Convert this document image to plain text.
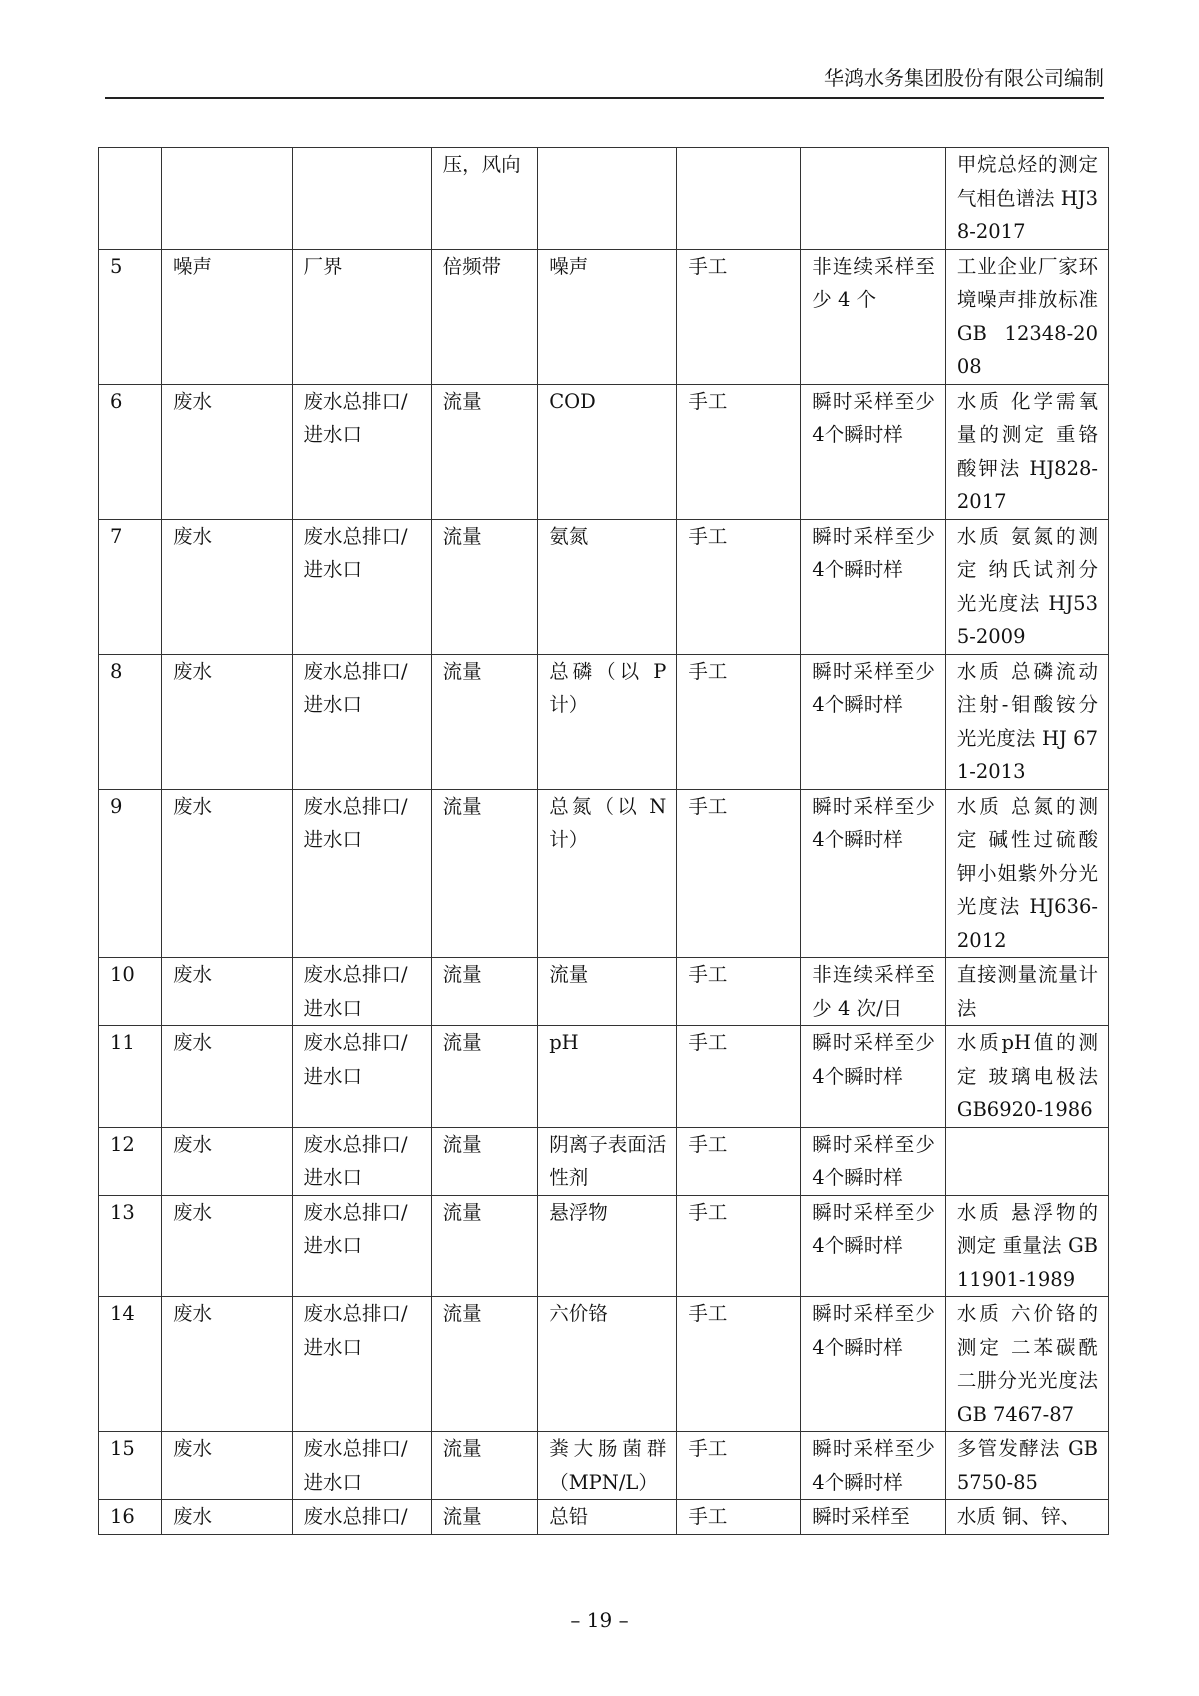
华鸿水务集团股份有限公司编制
			压，风向				甲烷总烃的测定 气相色谱法 HJ38-2017
5	噪声	厂界	倍频带	噪声	手工	非连续采样至少 4 个	工业企业厂家环境噪声排放标准 GB 12348-2008
6	废水	废水总排口/进水口	流量	COD	手工	瞬时采样至少4个瞬时样	水质 化学需氧量的测定 重铬酸钾法 HJ828-2017
7	废水	废水总排口/进水口	流量	氨氮	手工	瞬时采样至少4个瞬时样	水质 氨氮的测定 纳氏试剂分光光度法 HJ535-2009
8	废水	废水总排口/进水口	流量	总磷（以 P 计）	手工	瞬时采样至少4个瞬时样	水质 总磷流动注射-钼酸铵分光光度法 HJ 671-2013
9	废水	废水总排口/进水口	流量	总氮（以 N 计）	手工	瞬时采样至少4个瞬时样	水质 总氮的测定 碱性过硫酸钾小姐紫外分光光度法 HJ636-2012
10	废水	废水总排口/进水口	流量	流量	手工	非连续采样至少 4 次/日	直接测量流量计法
11	废水	废水总排口/进水口	流量	pH	手工	瞬时采样至少4个瞬时样	水质pH值的测定 玻璃电极法 GB6920-1986
12	废水	废水总排口/进水口	流量	阴离子表面活性剂	手工	瞬时采样至少4个瞬时样	
13	废水	废水总排口/进水口	流量	悬浮物	手工	瞬时采样至少4个瞬时样	水质 悬浮物的测定 重量法 GB11901-1989
14	废水	废水总排口/进水口	流量	六价铬	手工	瞬时采样至少4个瞬时样	水质 六价铬的测定 二苯碳酰二肼分光光度法 GB 7467-87
15	废水	废水总排口/进水口	流量	粪大肠菌群（MPN/L）	手工	瞬时采样至少4个瞬时样	多管发酵法 GB5750-85
16	废水	废水总排口/	流量	总铅	手工	瞬时采样至	水质 铜、锌、
– 19 –
